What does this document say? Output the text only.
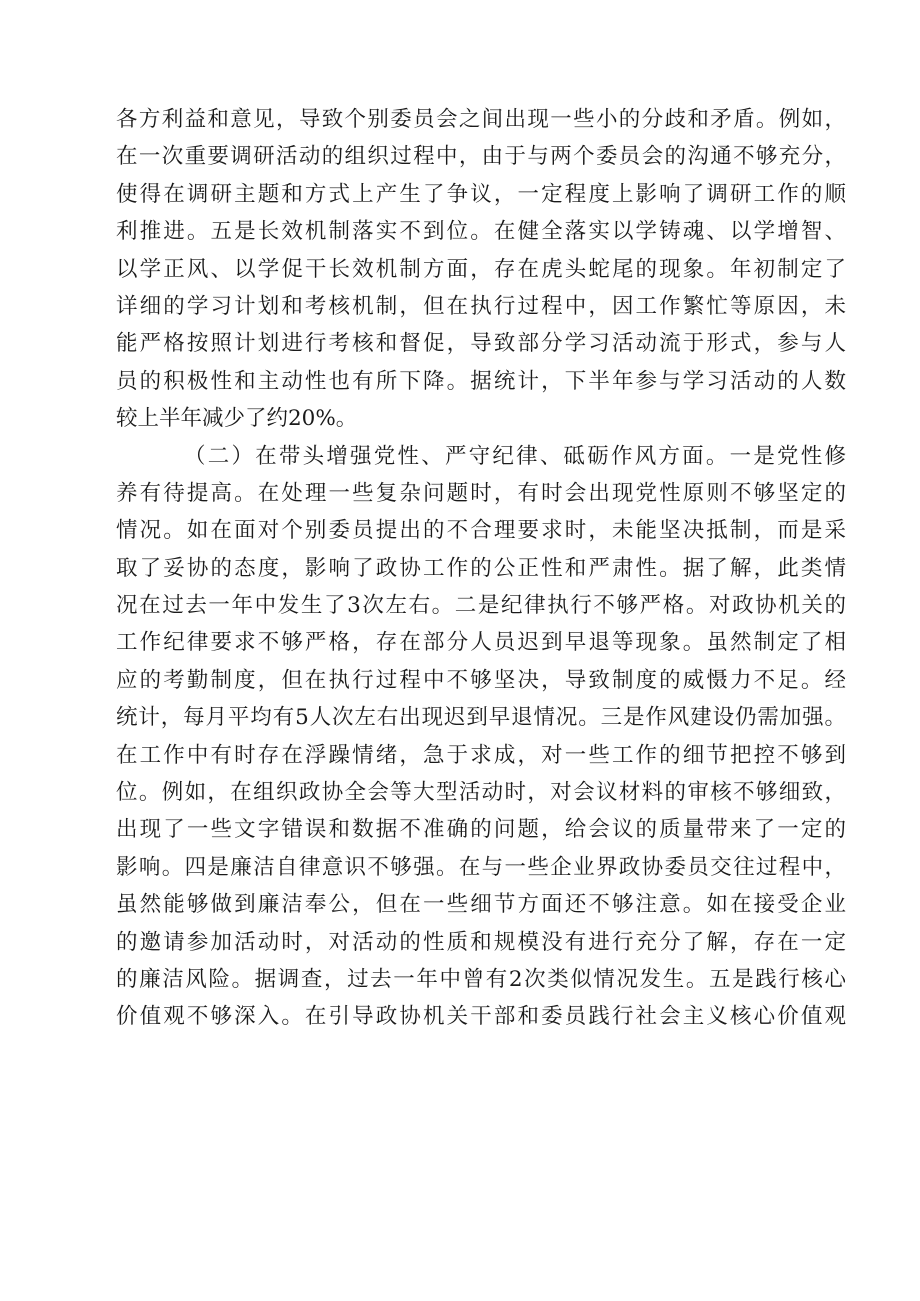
各方利益和意见，导致个别委员会之间出现一些小的分歧和矛盾。例如，
在一次重要调研活动的组织过程中，由于与两个委员会的沟通不够充分，
使得在调研主题和方式上产生了争议，一定程度上影响了调研工作的顺
利推进。五是长效机制落实不到位。在健全落实以学铸魂、以学增智、
以学正风、以学促干长效机制方面，存在虎头蛇尾的现象。年初制定了
详细的学习计划和考核机制，但在执行过程中，因工作繁忙等原因，未
能严格按照计划进行考核和督促，导致部分学习活动流于形式，参与人
员的积极性和主动性也有所下降。据统计，下半年参与学习活动的人数
较上半年减少了约20%。
（二）在带头增强党性、严守纪律、砥砺作风方面。一是党性修
养有待提高。在处理一些复杂问题时，有时会出现党性原则不够坚定的
情况。如在面对个别委员提出的不合理要求时，未能坚决抵制，而是采
取了妥协的态度，影响了政协工作的公正性和严肃性。据了解，此类情
况在过去一年中发生了3次左右。二是纪律执行不够严格。对政协机关的
工作纪律要求不够严格，存在部分人员迟到早退等现象。虽然制定了相
应的考勤制度，但在执行过程中不够坚决，导致制度的威慑力不足。经
统计，每月平均有5人次左右出现迟到早退情况。三是作风建设仍需加强。
在工作中有时存在浮躁情绪，急于求成，对一些工作的细节把控不够到
位。例如，在组织政协全会等大型活动时，对会议材料的审核不够细致，
出现了一些文字错误和数据不准确的问题，给会议的质量带来了一定的
影响。四是廉洁自律意识不够强。在与一些企业界政协委员交往过程中，
虽然能够做到廉洁奉公，但在一些细节方面还不够注意。如在接受企业
的邀请参加活动时，对活动的性质和规模没有进行充分了解，存在一定
的廉洁风险。据调查，过去一年中曾有2次类似情况发生。五是践行核心
价值观不够深入。在引导政协机关干部和委员践行社会主义核心价值观
